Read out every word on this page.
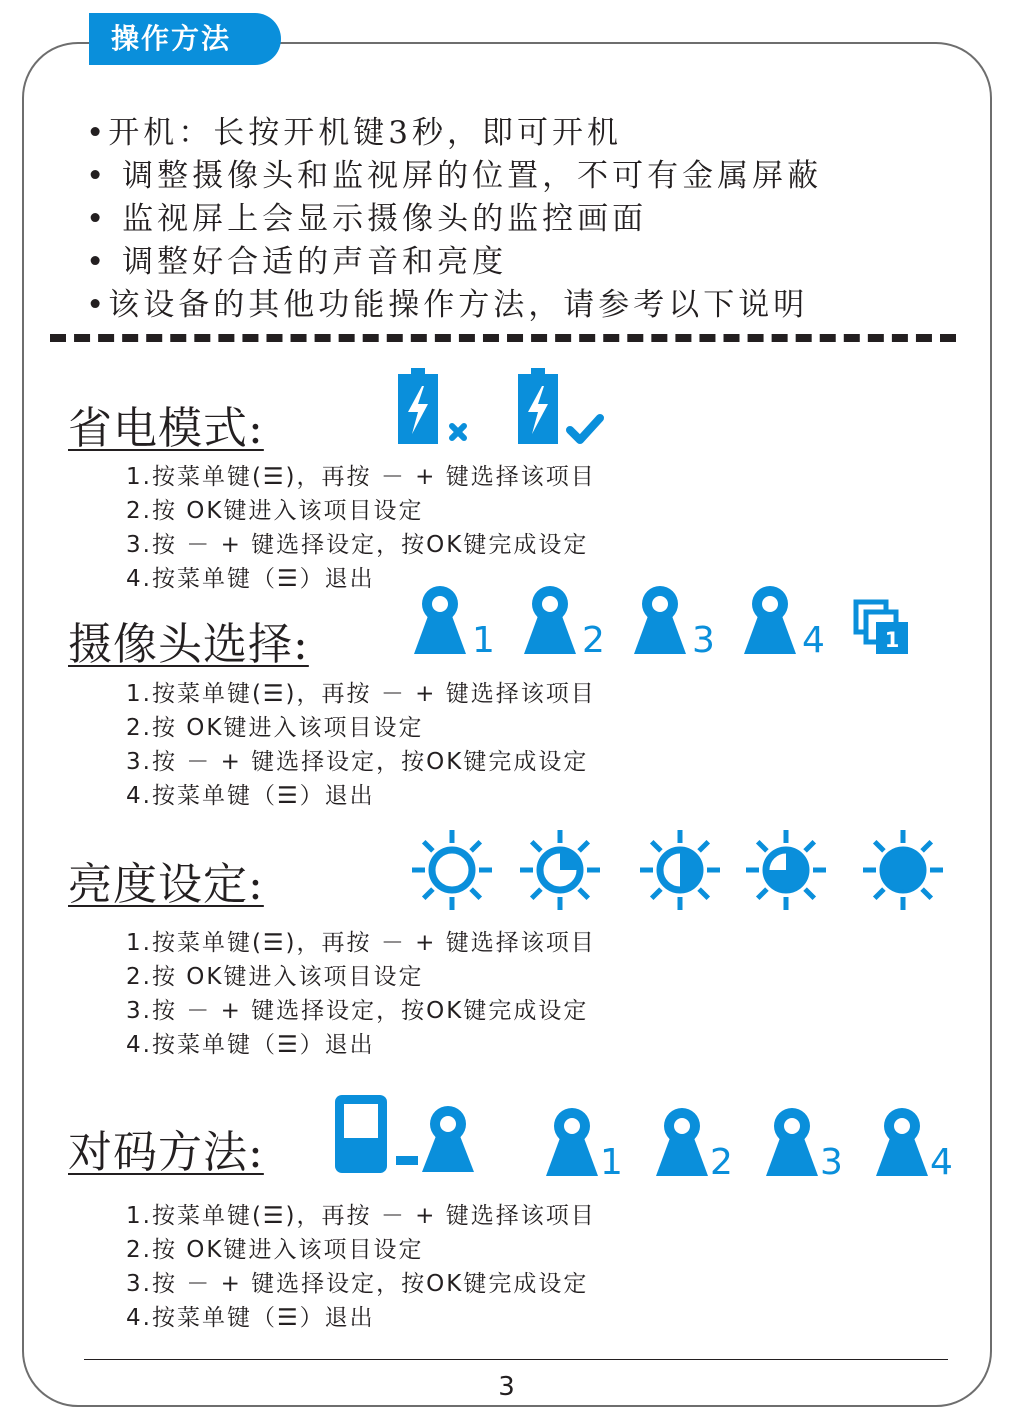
操作方法
•开机：长按开机键3秒，即可开机
• 调整摄像头和监视屏的位置，不可有金属屏蔽
• 监视屏上会显示摄像头的监控画面
• 调整好合适的声音和亮度
•该设备的其他功能操作方法，请参考以下说明
省电模式:
1.按菜单键(☰)，再按 － + 键选择该项目
2.按 OK键进入该项目设定
3.按 － + 键选择设定，按OK键完成设定
4.按菜单键（☰）退出
摄像头选择:	1 2 3 4	1
1.按菜单键(☰)，再按 － + 键选择该项目
2.按 OK键进入该项目设定
3.按 － + 键选择设定，按OK键完成设定
4.按菜单键（☰）退出
亮度设定:
1.按菜单键(☰)，再按 － + 键选择该项目
2.按 OK键进入该项目设定
3.按 － + 键选择设定，按OK键完成设定
4.按菜单键（☰）退出
对码方法:	1 2 3 4
1.按菜单键(☰)，再按 － + 键选择该项目
2.按 OK键进入该项目设定
3.按 － + 键选择设定，按OK键完成设定
4.按菜单键（☰）退出
3
